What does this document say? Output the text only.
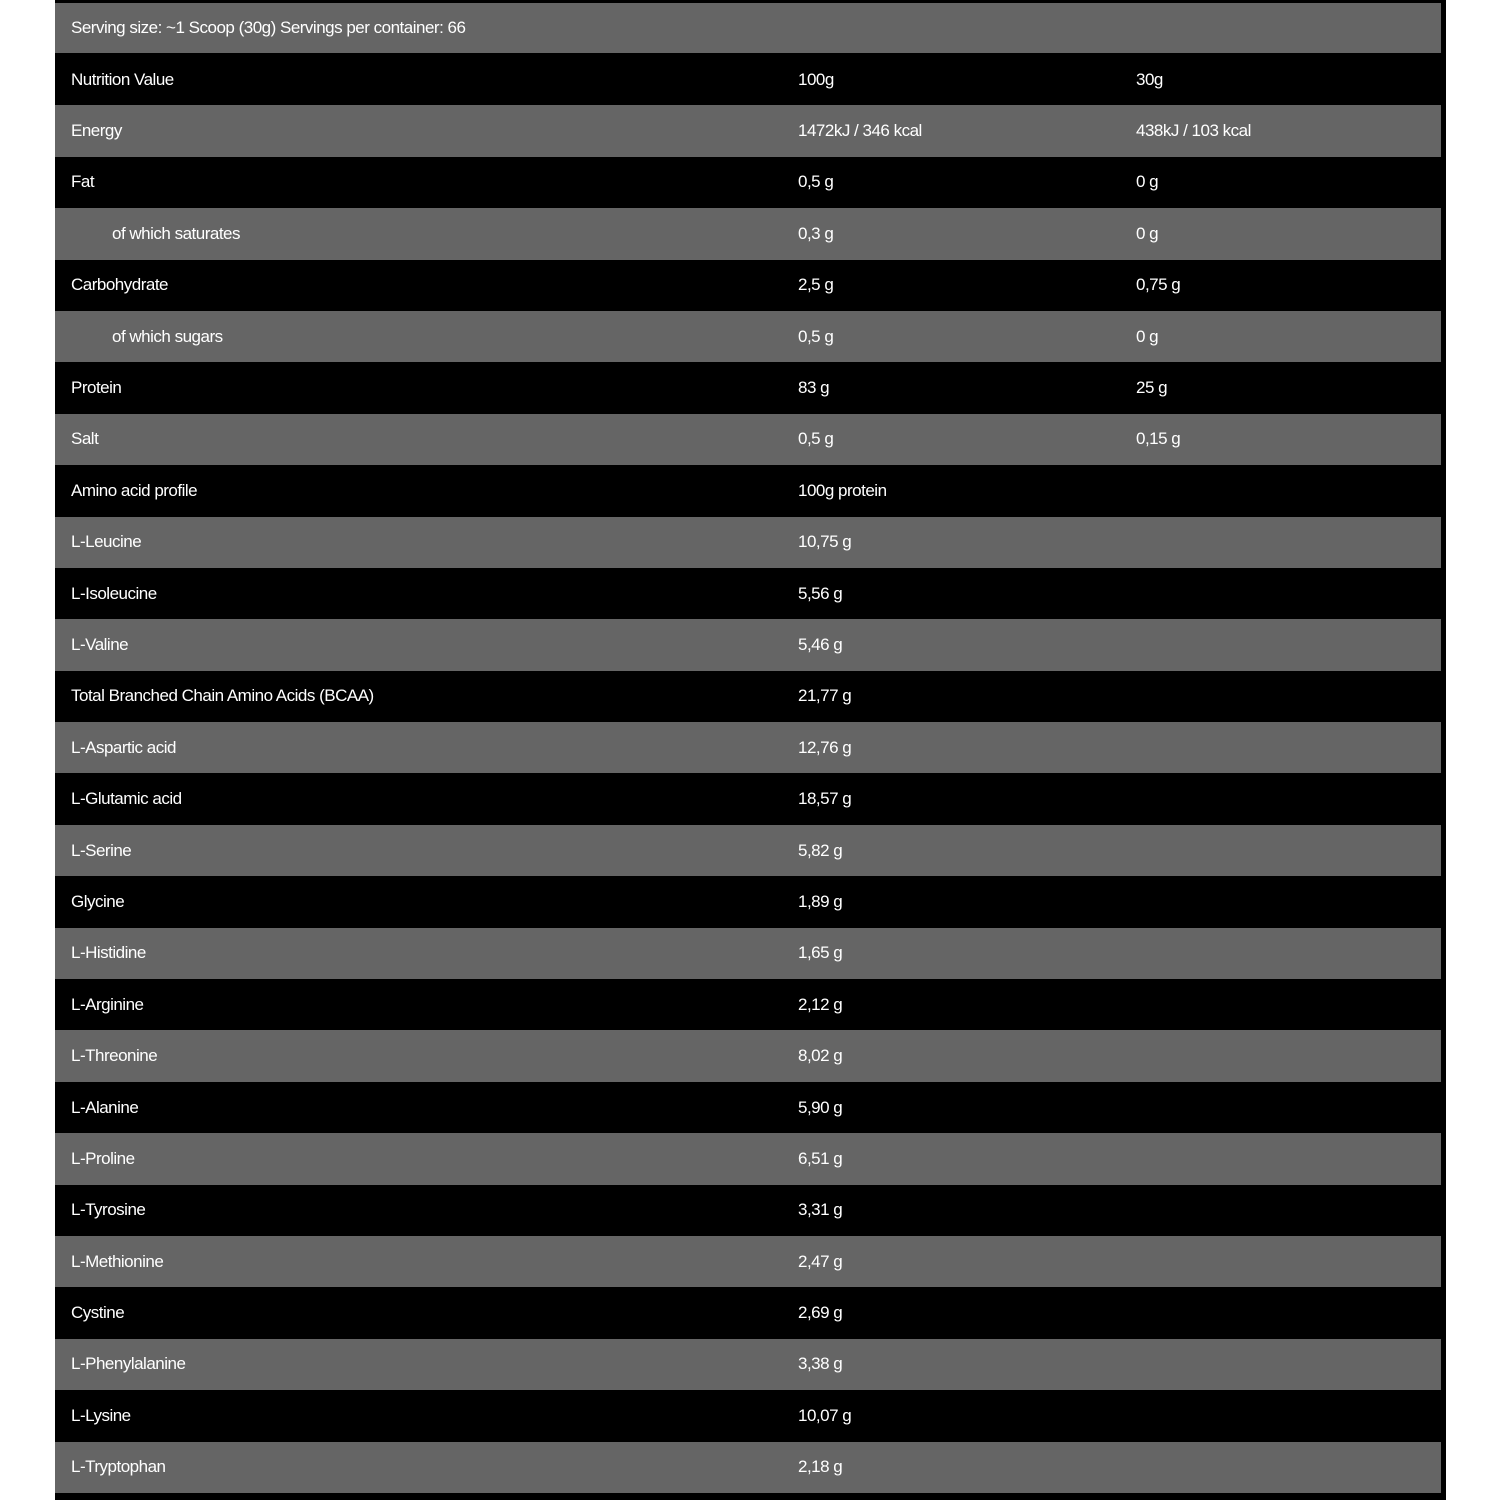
Serving size: ~1 Scoop (30g) Servings per container: 66
Nutrition Value	100g	30g
Energy	1472kJ / 346 kcal	438kJ / 103 kcal
Fat	0,5 g	0 g
of which saturates	0,3 g	0 g
Carbohydrate	2,5 g	0,75 g
of which sugars	0,5 g	0 g
Protein	83 g	25 g
Salt	0,5 g	0,15 g
Amino acid profile	100g protein	
L-Leucine	10,75 g	
L-Isoleucine	5,56 g	
L-Valine	5,46 g	
Total Branched Chain Amino Acids (BCAA)	21,77 g	
L-Aspartic acid	12,76 g	
L-Glutamic acid	18,57 g	
L-Serine	5,82 g	
Glycine	1,89 g	
L-Histidine	1,65 g	
L-Arginine	2,12 g	
L-Threonine	8,02 g	
L-Alanine	5,90 g	
L-Proline	6,51 g	
L-Tyrosine	3,31 g	
L-Methionine	2,47 g	
Cystine	2,69 g	
L-Phenylalanine	3,38 g	
L-Lysine	10,07 g	
L-Tryptophan	2,18 g	
